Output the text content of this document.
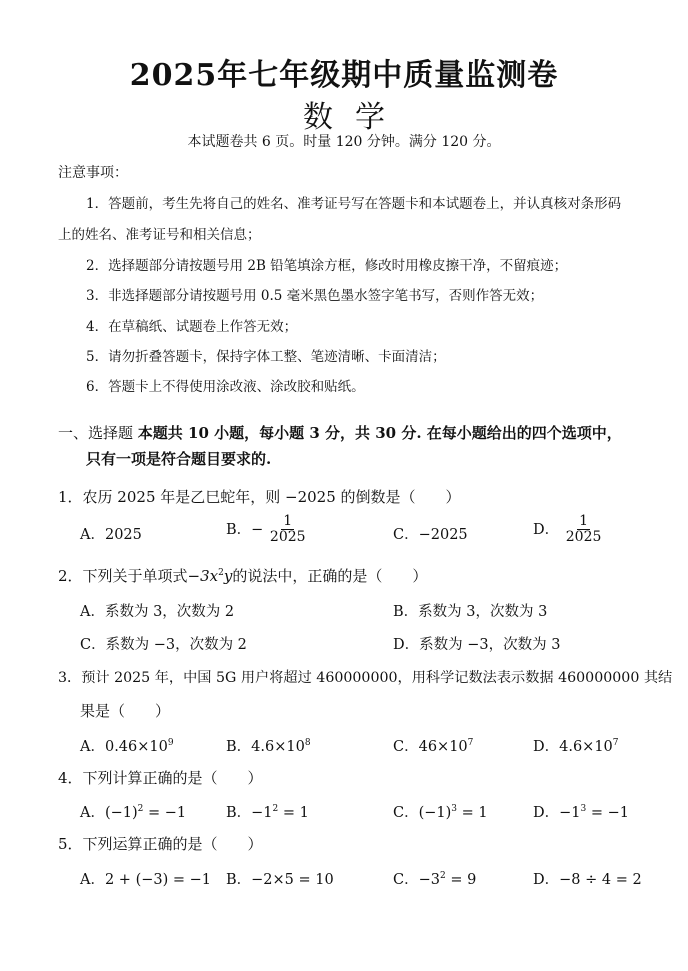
2025年七年级期中质量监测卷
数学
本试题卷共 6 页。时量 120 分钟。满分 120 分。
注意事项：
1．答题前，考生先将自己的姓名、准考证号写在答题卡和本试题卷上，并认真核对条形码
上的姓名、准考证号和相关信息；
2．选择题部分请按题号用 2B 铅笔填涂方框，修改时用橡皮擦干净，不留痕迹；
3．非选择题部分请按题号用 0.5 毫米黑色墨水签字笔书写，否则作答无效；
4．在草稿纸、试题卷上作答无效；
5．请勿折叠答题卡，保持字体工整、笔迹清晰、卡面清洁；
6．答题卡上不得使用涂改液、涂改胶和贴纸。
一、选择题 本题共 10 小题，每小题 3 分，共 30 分. 在每小题给出的四个选项中，
只有一项是符合题目要求的.
1．农历 2025 年是乙巳蛇年，则 −2025 的倒数是（　　）
A．2025	B．− $\frac{1}{2025}$	C．−2025	D． $\frac{1}{2025}$
2．下列关于单项式$-3x^2y$的说法中，正确的是（　　）
A．系数为 3，次数为 2	B．系数为 3，次数为 3
C．系数为 −3，次数为 2	D．系数为 −3，次数为 3
3．预计 2025 年，中国 5G 用户将超过 460000000，用科学记数法表示数据 460000000 其结
果是（　　）
A．$0.46\times 10^9$	B．$4.6\times 10^8$	C．$46\times 10^7$	D．$4.6\times 10^7$
4．下列计算正确的是（　　）
A．$(-1)^2 = -1$	B．$-1^2 = 1$	C．$(-1)^3 = 1$	D．$-1^3 = -1$
5．下列运算正确的是（　　）
A．2 + (−3) = −1 B．−2×5 = 10	C．$-3^2 = 9$	D．−8 ÷ 4 = 2
